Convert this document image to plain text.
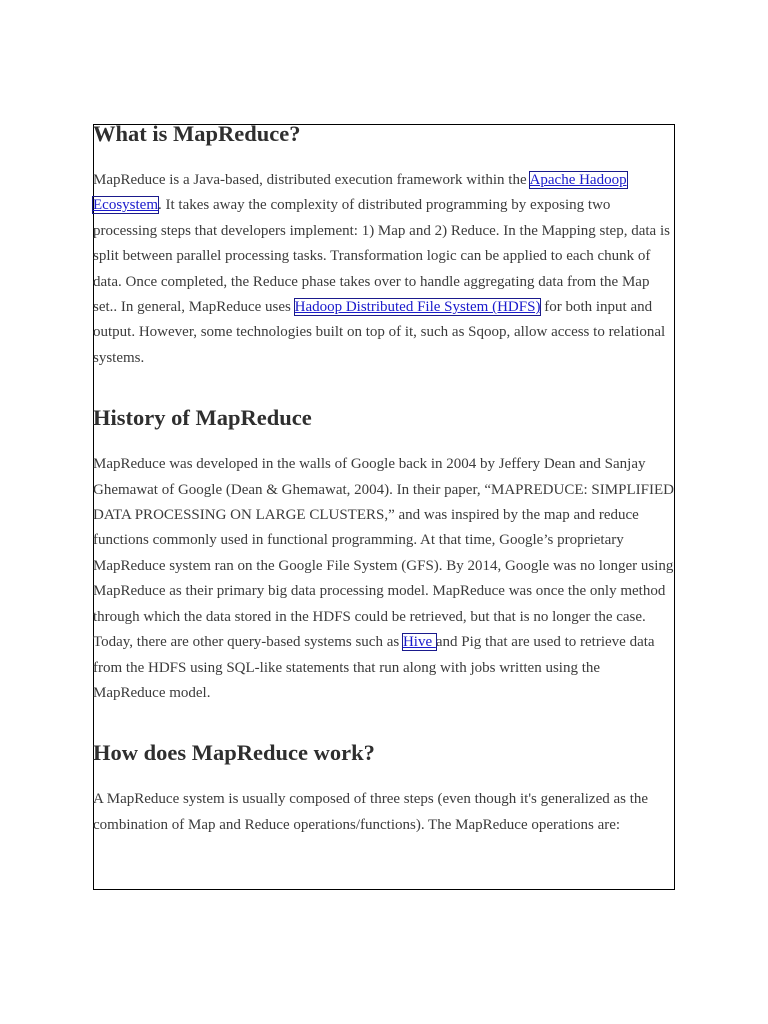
What is MapReduce?

MapReduce is a Java-based, distributed execution framework within the Apache Hadoop Ecosystem. It takes away the complexity of distributed programming by exposing two processing steps that developers implement: 1) Map and 2) Reduce. In the Mapping step, data is split between parallel processing tasks. Transformation logic can be applied to each chunk of data. Once completed, the Reduce phase takes over to handle aggregating data from the Map set.. In general, MapReduce uses Hadoop Distributed File System (HDFS) for both input and output. However, some technologies built on top of it, such as Sqoop, allow access to relational systems.

History of MapReduce

MapReduce was developed in the walls of Google back in 2004 by Jeffery Dean and Sanjay Ghemawat of Google (Dean & Ghemawat, 2004). In their paper, “MAPREDUCE: SIMPLIFIED DATA PROCESSING ON LARGE CLUSTERS,” and was inspired by the map and reduce functions commonly used in functional programming. At that time, Google’s proprietary MapReduce system ran on the Google File System (GFS). By 2014, Google was no longer using MapReduce as their primary big data processing model. MapReduce was once the only method through which the data stored in the HDFS could be retrieved, but that is no longer the case. Today, there are other query-based systems such as Hive and Pig that are used to retrieve data from the HDFS using SQL-like statements that run along with jobs written using the MapReduce model.

How does MapReduce work?

A MapReduce system is usually composed of three steps (even though it's generalized as the combination of Map and Reduce operations/functions). The MapReduce operations are:
